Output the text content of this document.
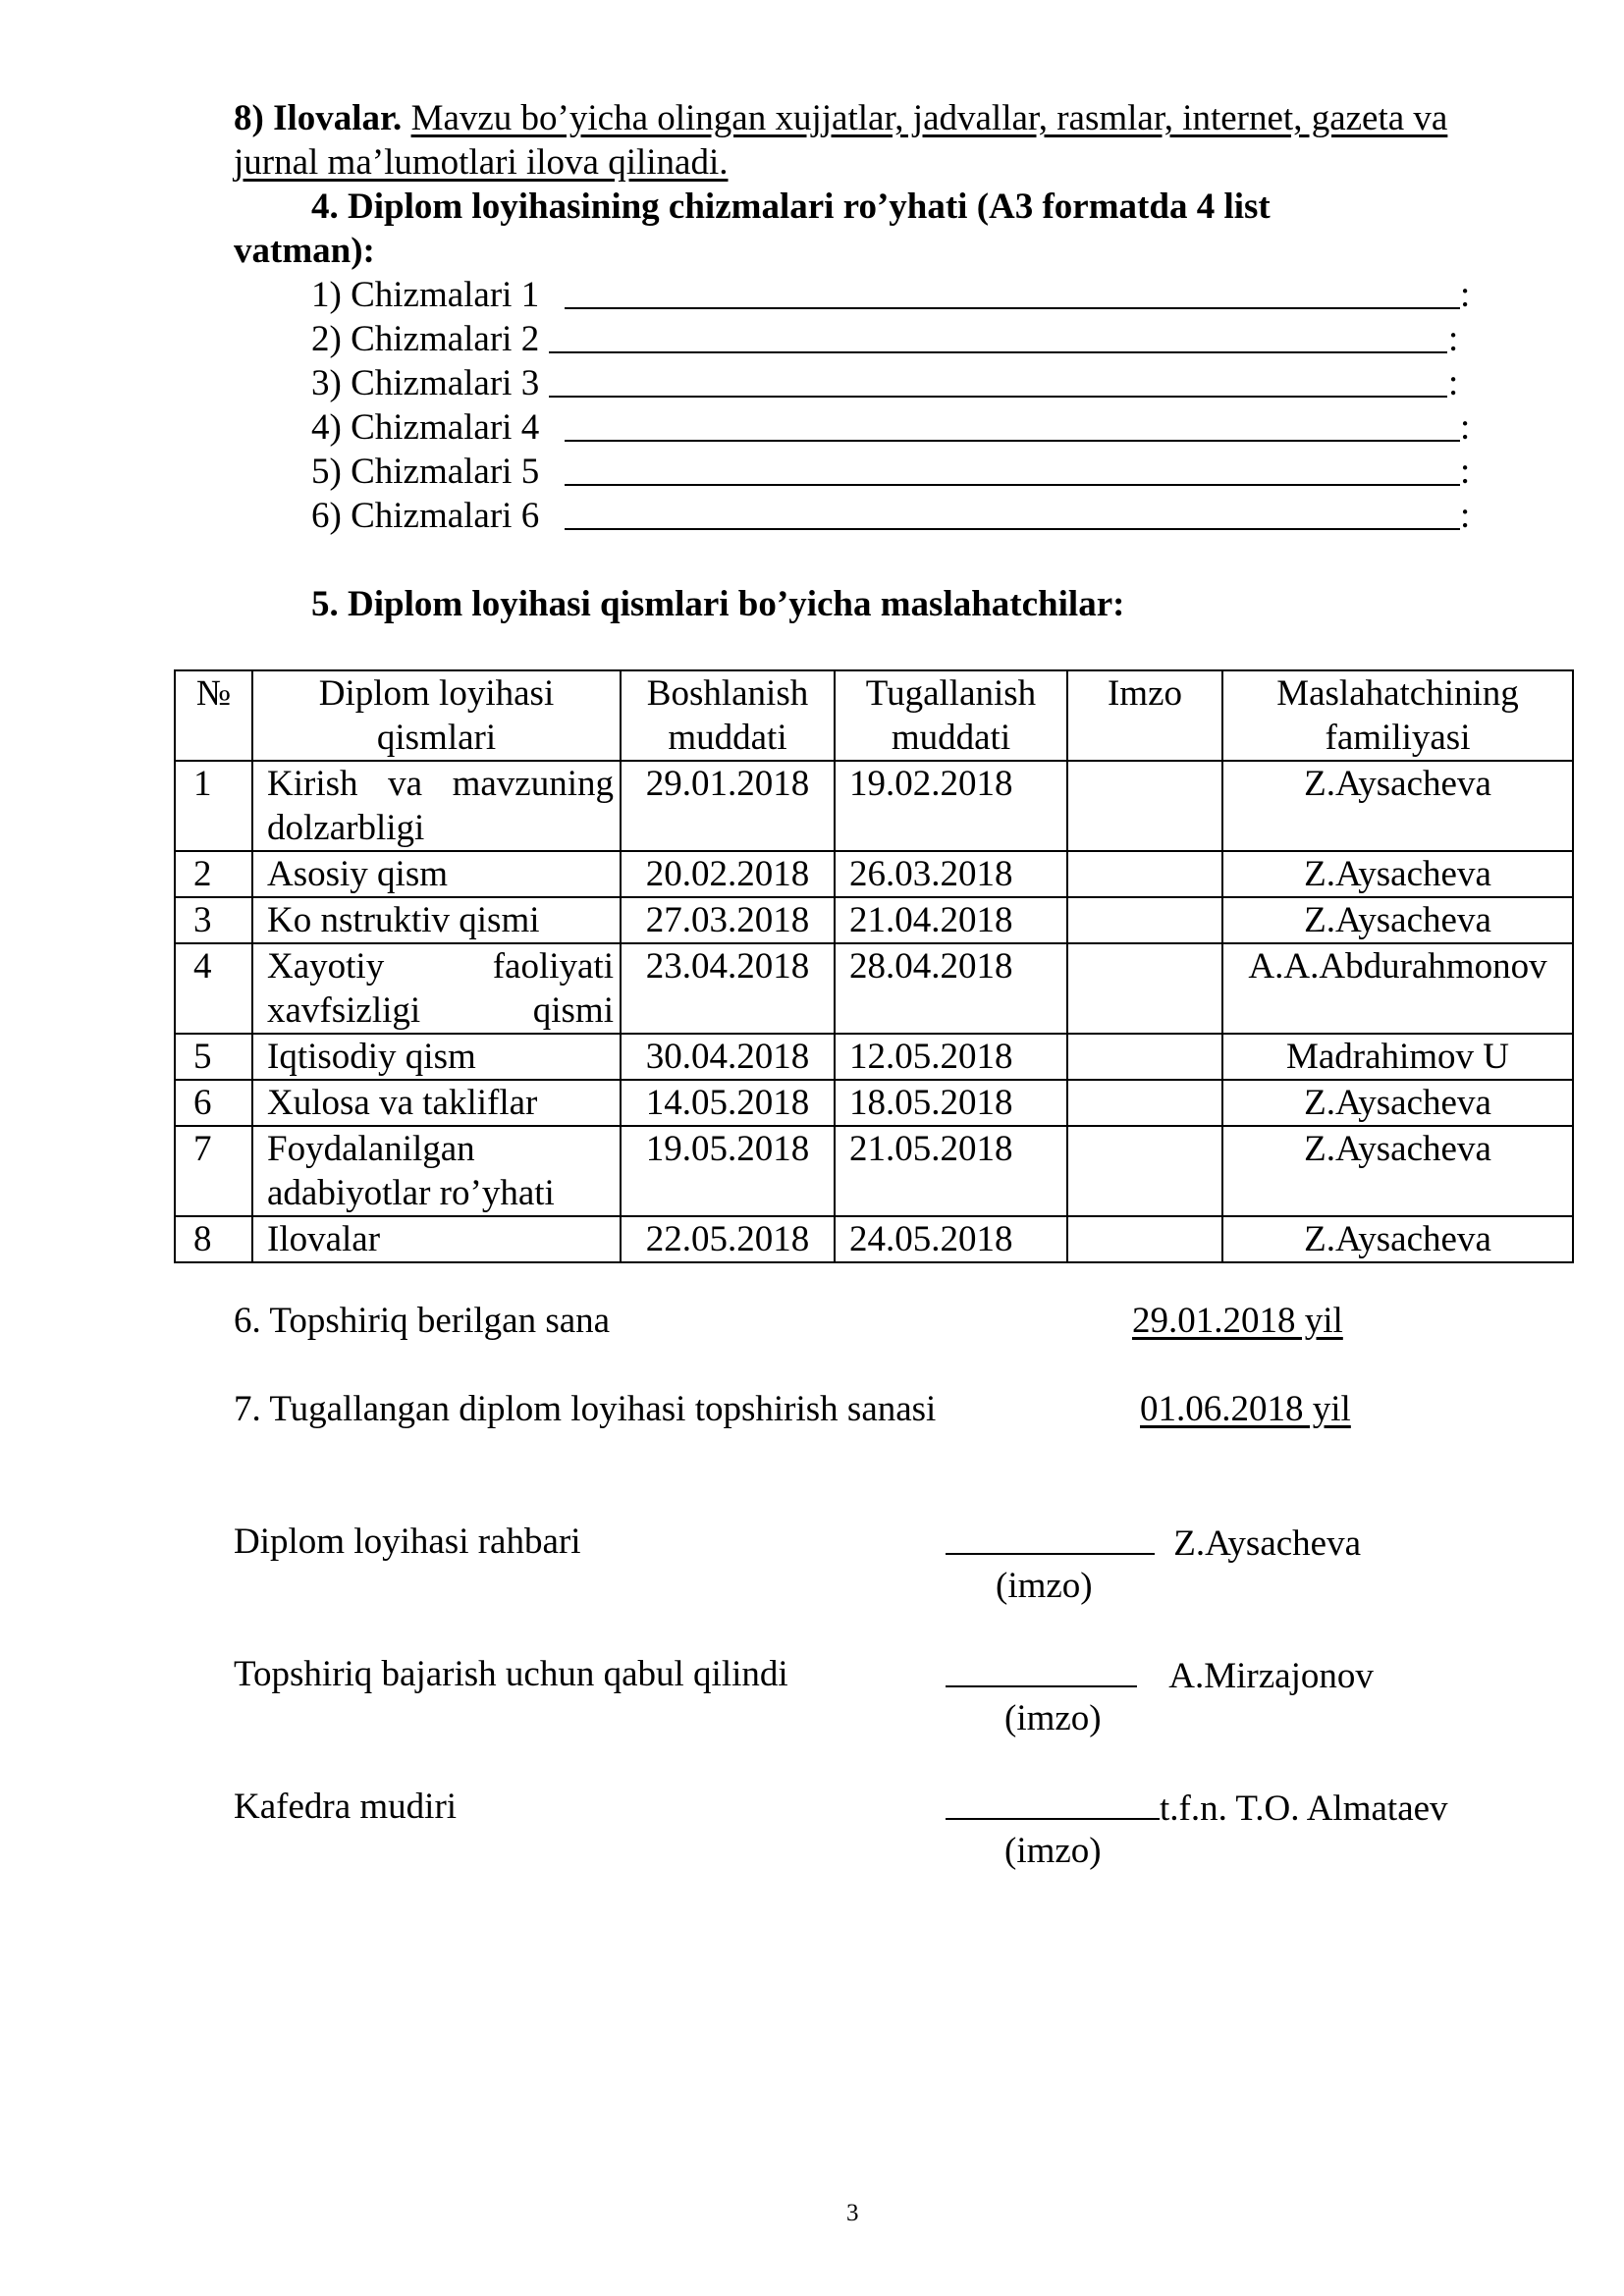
8) Ilovalar. Mavzu bo’yicha olingan xujjatlar, jadvallar, rasmlar, internet, gazeta va jurnal ma’lumotlari ilova qilinadi.
4. Diplom loyihasining chizmalari ro’yhati (A3 formatda 4 list
vatman):
1) Chizmalari 1	:
2) Chizmalari 2	:
3) Chizmalari 3	:
4) Chizmalari 4	:
5) Chizmalari 5	:
6) Chizmalari 6	:
5. Diplom loyihasi qismlari bo’yicha maslahatchilar:
№	Diplom loyihasi qismlari	Boshlanish muddati	Tugallanish muddati	Imzo	Maslahatchining familiyasi
1	Kirish va mavzuning dolzarbligi	29.01.2018	19.02.2018		Z.Aysacheva
2	Asosiy qism	20.02.2018	26.03.2018		Z.Aysacheva
3	Ko nstruktiv qismi	27.03.2018	21.04.2018		Z.Aysacheva
4	Xayotiy faoliyati xavfsizligi qismi	23.04.2018	28.04.2018		A.A.Abdurahmonov
5	Iqtisodiy qism	30.04.2018	12.05.2018		Madrahimov U
6	Xulosa va takliflar	14.05.2018	18.05.2018		Z.Aysacheva
7	Foydalanilgan adabiyotlar ro’yhati	19.05.2018	21.05.2018		Z.Aysacheva
8	Ilovalar	22.05.2018	24.05.2018		Z.Aysacheva
6. Topshiriq berilgan sana	29.01.2018 yil
7. Tugallangan diplom loyihasi topshirish sanasi	01.06.2018 yil
Diplom loyihasi rahbari	Z.Aysacheva
(imzo)
Topshiriq bajarish uchun qabul qilindi	A.Mirzajonov
(imzo)
Kafedra mudiri	t.f.n. T.O. Almataev
(imzo)
3
